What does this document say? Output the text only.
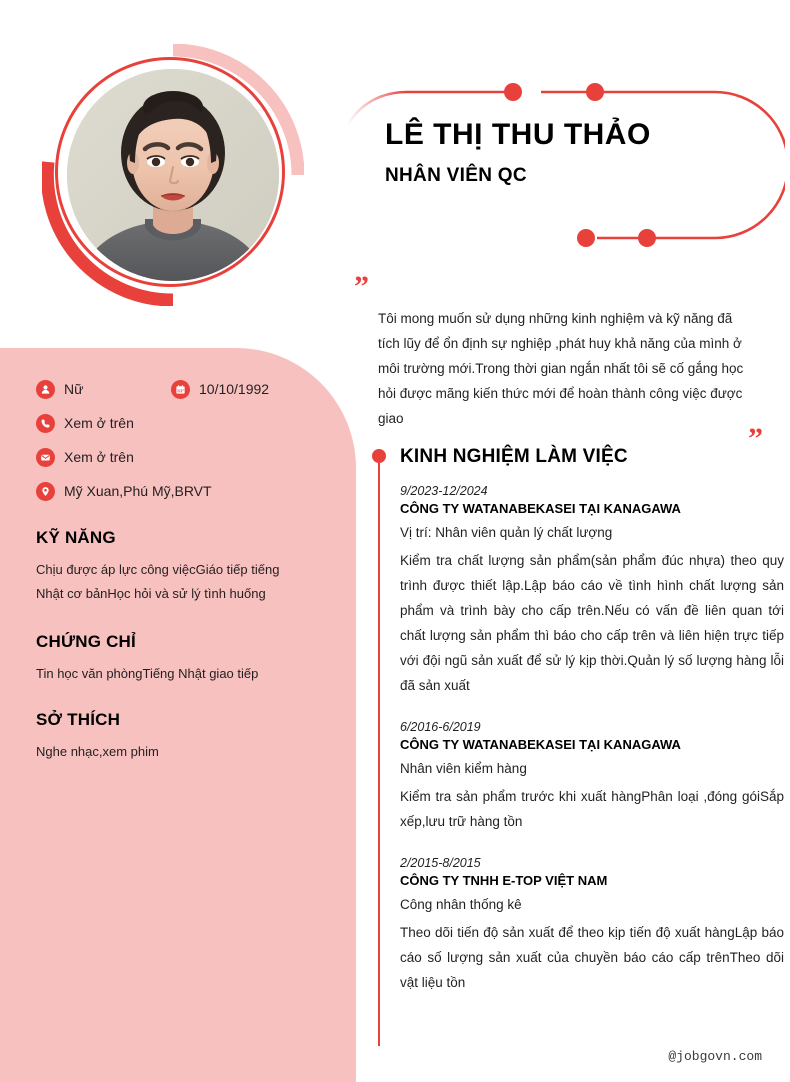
LÊ THỊ THU THẢO
NHÂN VIÊN QC
”

Tôi mong muốn sử dụng những kinh nghiệm và kỹ năng đã tích lũy để ổn định sự nghiệp ,phát huy khả năng của mình ở môi trường mới.Trong thời gian ngắn nhất tôi sẽ cố gắng học hỏi được mãng kiến thức mới để hoàn thành công việc được giao

”
Nữ	10/10/1992
Xem ở trên
Xem ở trên
Mỹ Xuan,Phú Mỹ,BRVT
KỸ NĂNG

Chịu được áp lực công việcGiáo tiếp tiếng Nhật cơ bảnHọc hỏi và sử lý tình huống

CHỨNG CHỈ

Tin học văn phòngTiếng Nhật giao tiếp

SỞ THÍCH

Nghe nhạc,xem phim

KINH NGHIỆM LÀM VIỆC
9/2023-12/2024
CÔNG TY WATANABEKASEI TẠI KANAGAWA
Vị trí: Nhân viên quản lý chất lượng

Kiểm tra chất lượng sản phẩm(sản phẩm đúc nhựa) theo quy trình được thiết lập.Lập báo cáo về tình hình chất lượng sản phẩm và trình bày cho cấp trên.Nếu có vấn đề liên quan tới chất lượng sản phẩm thì báo cho cấp trên và liên hiện trực tiếp với đội ngũ sản xuất để sử lý kịp thời.Quản lý số lượng hàng lỗi đã sản xuất

6/2016-6/2019
CÔNG TY WATANABEKASEI TẠI KANAGAWA
Nhân viên kiểm hàng

Kiểm tra sản phẩm trước khi xuất hàngPhân loại ,đóng góiSắp xếp,lưu trữ hàng tồn

2/2015-8/2015
CÔNG TY TNHH E-TOP VIỆT NAM
Công nhân thống kê

Theo dõi tiến độ sản xuất để theo kịp tiến độ xuất hàngLập báo cáo số lượng sản xuất của chuyền báo cáo cấp trênTheo dõi vật liệu tồn

@jobgovn.com
